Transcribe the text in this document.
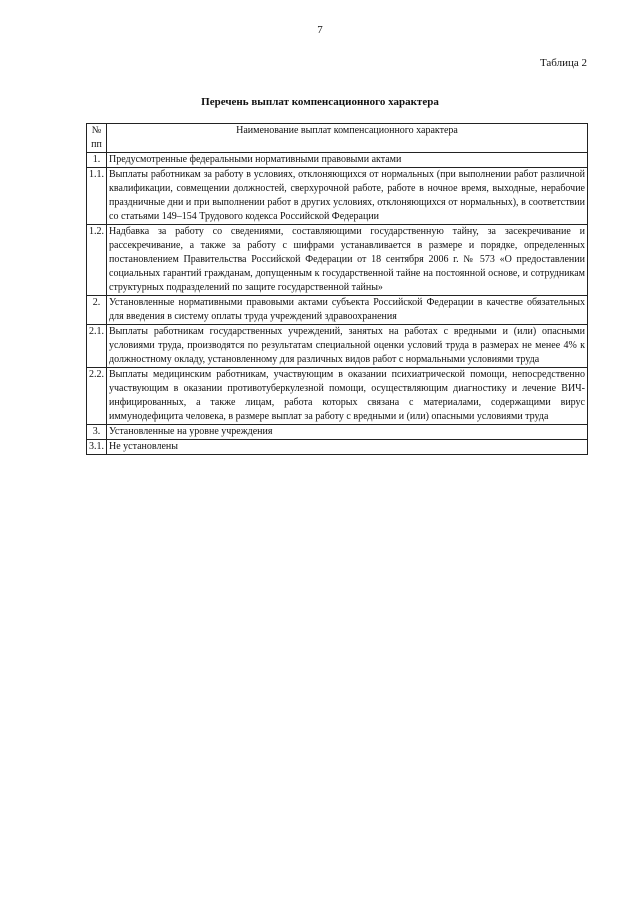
7
Таблица 2
Перечень выплат компенсационного характера
№ пп	Наименование выплат компенсационного характера
1.	Предусмотренные федеральными нормативными правовыми актами
1.1.	Выплаты работникам за работу в условиях, отклоняющихся от нормальных (при выполнении работ различной квалификации, совмещении должностей, сверхурочной работе, работе в ночное время, выходные, нерабочие праздничные дни и при выполнении работ в других условиях, отклоняющихся от нормальных), в соответствии со статьями 149–154 Трудового кодекса Российской Федерации
1.2.	Надбавка за работу со сведениями, составляющими государственную тайну, за засекречивание и рассекречивание, а также за работу с шифрами устанавливается в размере и порядке, определенных постановлением Правительства Российской Федерации от 18 сентября 2006 г. № 573 «О предоставлении социальных гарантий гражданам, допущенным к государственной тайне на постоянной основе, и сотрудникам структурных подразделений по защите государственной тайны»
2.	Установленные нормативными правовыми актами субъекта Российской Федерации в качестве обязательных для введения в систему оплаты труда учреждений здравоохранения
2.1.	Выплаты работникам государственных учреждений, занятых на работах с вредными и (или) опасными условиями труда, производятся по результатам специальной оценки условий труда в размерах не менее 4% к должностному окладу, установленному для различных видов работ с нормальными условиями труда
2.2.	Выплаты медицинским работникам, участвующим в оказании психиатрической помощи, непосредственно участвующим в оказании противотуберкулезной помощи, осуществляющим диагностику и лечение ВИЧ-инфицированных, а также лицам, работа которых связана с материалами, содержащими вирус иммунодефицита человека, в размере выплат за работу с вредными и (или) опасными условиями труда
3.	Установленные на уровне учреждения
3.1.	Не установлены
